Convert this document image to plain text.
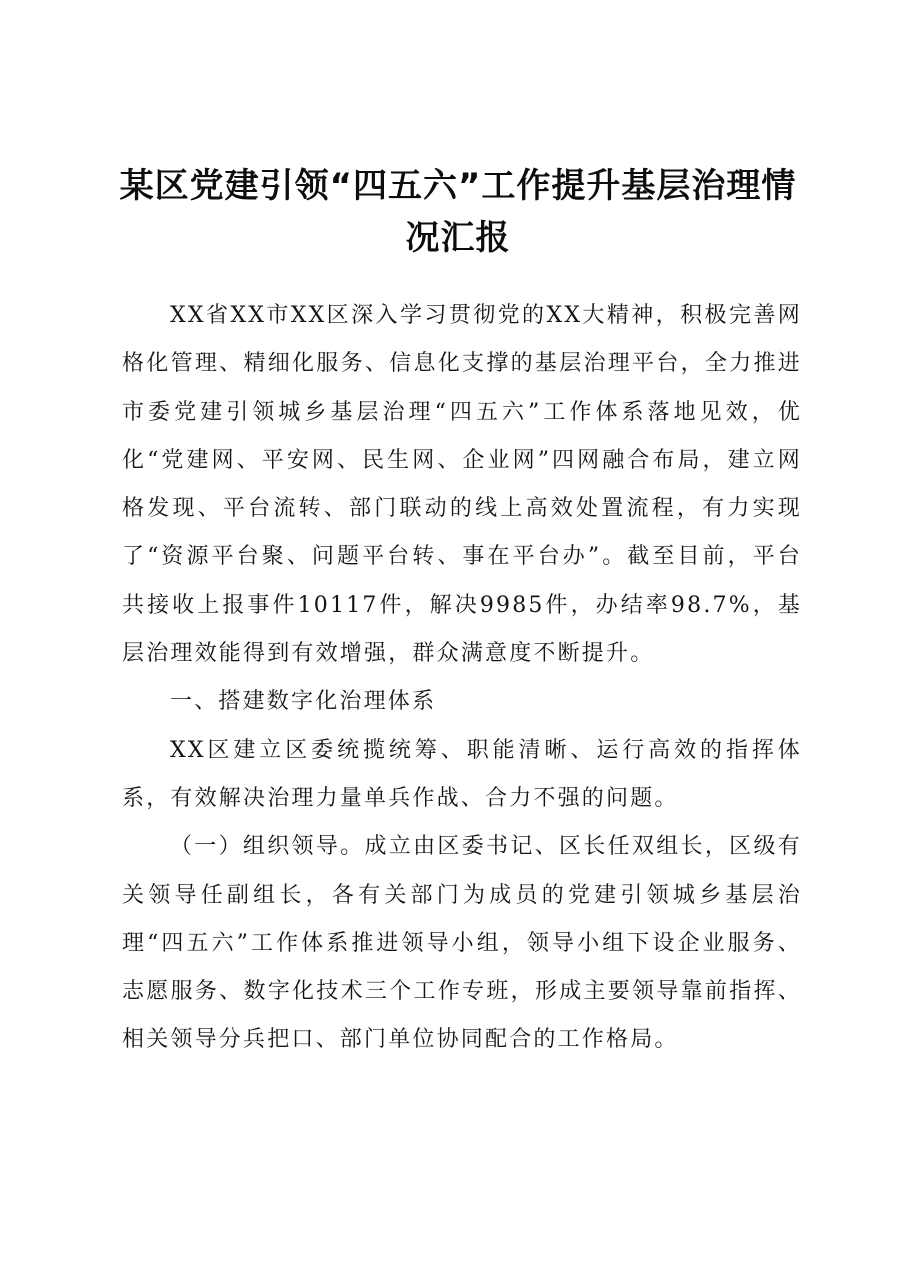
某区党建引领“四五六”工作提升基层治理情况汇报

XX省XX市XX区深入学习贯彻党的XX大精神，积极完善网格化管理、精细化服务、信息化支撑的基层治理平台，全力推进市委党建引领城乡基层治理“四五六”工作体系落地见效，优化“党建网、平安网、民生网、企业网”四网融合布局，建立网格发现、平台流转、部门联动的线上高效处置流程，有力实现了“资源平台聚、问题平台转、事在平台办”。截至目前，平台共接收上报事件10117件，解决9985件，办结率98.7%，基层治理效能得到有效增强，群众满意度不断提升。

一、搭建数字化治理体系

XX区建立区委统揽统筹、职能清晰、运行高效的指挥体系，有效解决治理力量单兵作战、合力不强的问题。

（一）组织领导。成立由区委书记、区长任双组长，区级有关领导任副组长，各有关部门为成员的党建引领城乡基层治理“四五六”工作体系推进领导小组，领导小组下设企业服务、志愿服务、数字化技术三个工作专班，形成主要领导靠前指挥、相关领导分兵把口、部门单位协同配合的工作格局。
